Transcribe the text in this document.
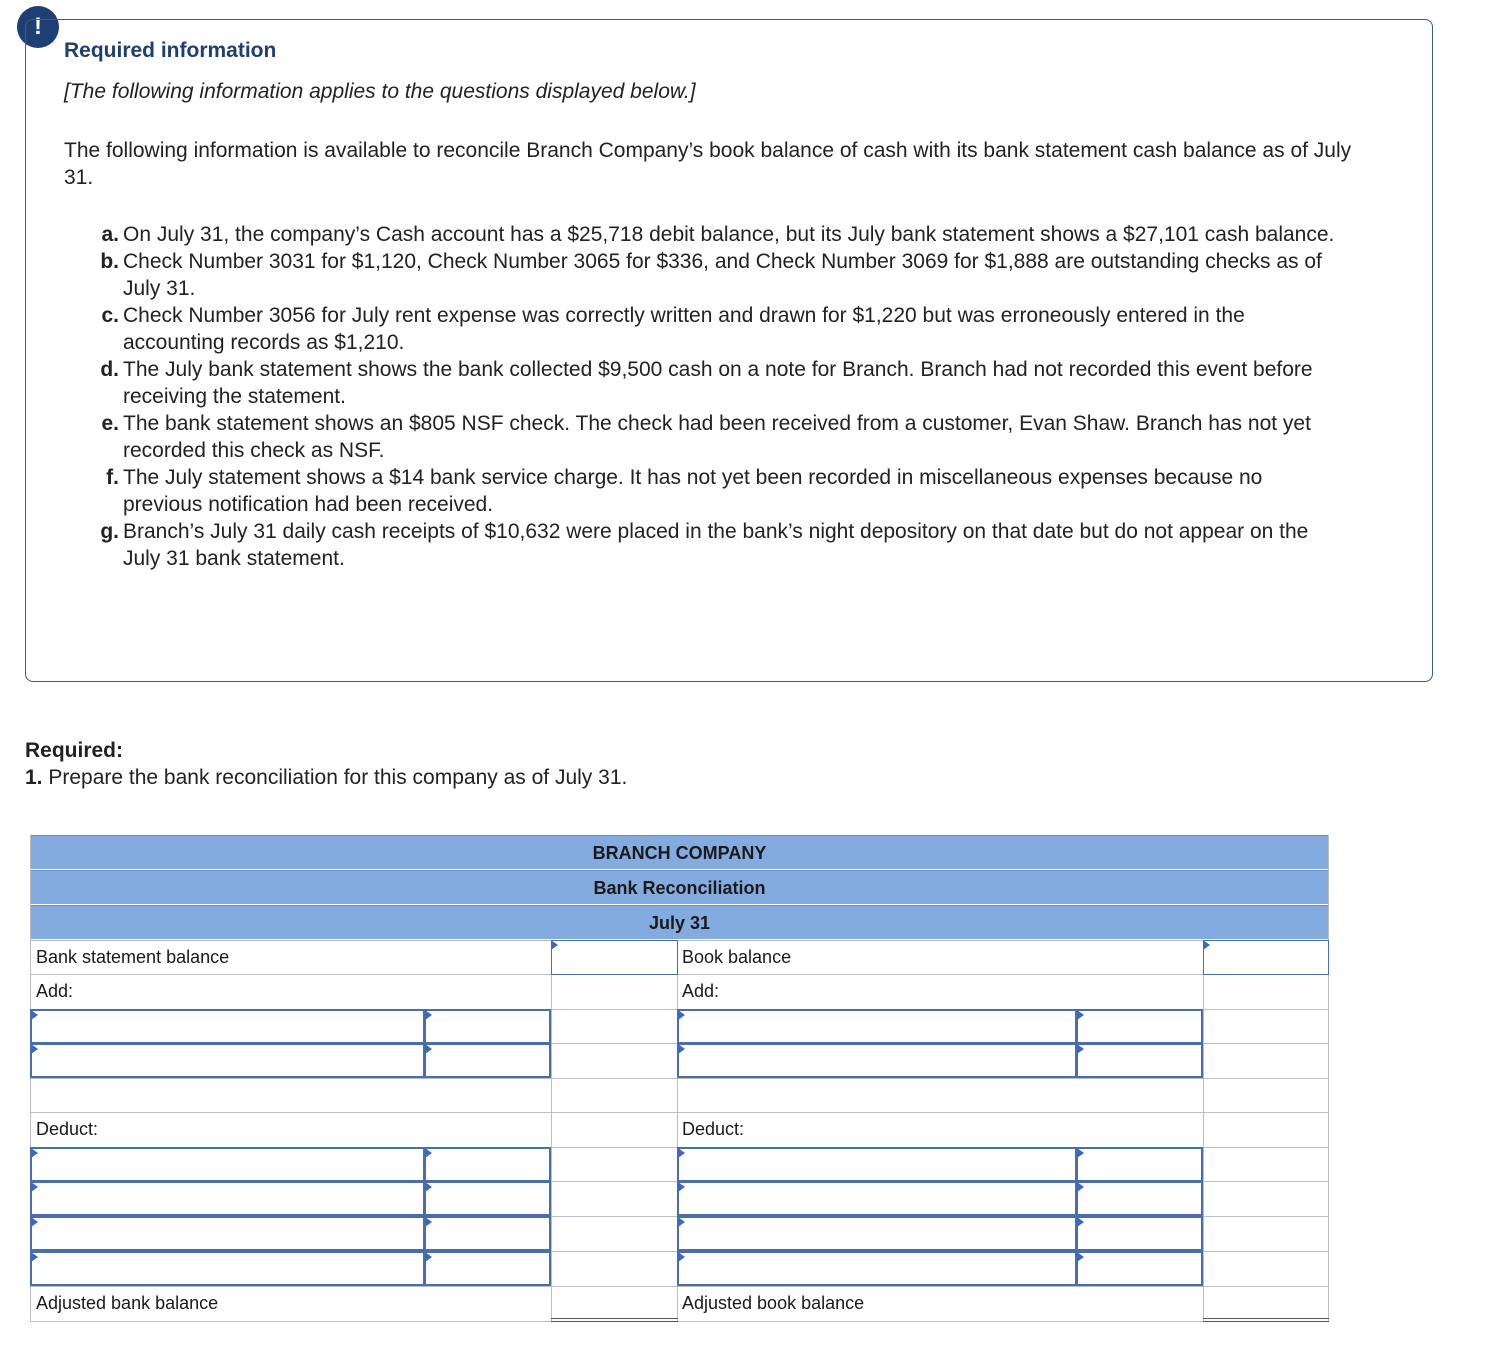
!
Required information
[The following information applies to the questions displayed below.]
The following information is available to reconcile Branch Company’s book balance of cash with its bank statement cash balance as of July 31.
a. On July 31, the company’s Cash account has a $25,718 debit balance, but its July bank statement shows a $27,101 cash balance.
b. Check Number 3031 for $1,120, Check Number 3065 for $336, and Check Number 3069 for $1,888 are outstanding checks as of July 31.
c. Check Number 3056 for July rent expense was correctly written and drawn for $1,220 but was erroneously entered in the accounting records as $1,210.
d. The July bank statement shows the bank collected $9,500 cash on a note for Branch. Branch had not recorded this event before receiving the statement.
e. The bank statement shows an $805 NSF check. The check had been received from a customer, Evan Shaw. Branch has not yet recorded this check as NSF.
f. The July statement shows a $14 bank service charge. It has not yet been recorded in miscellaneous expenses because no previous notification had been received.
g. Branch’s July 31 daily cash receipts of $10,632 were placed in the bank’s night depository on that date but do not appear on the July 31 bank statement.
Required:
1. Prepare the bank reconciliation for this company as of July 31.
BRANCH COMPANY
Bank Reconciliation
July 31
Bank statement balance
Add:
Deduct:
Adjusted bank balance
Book balance
Add:
Deduct:
Adjusted book balance
